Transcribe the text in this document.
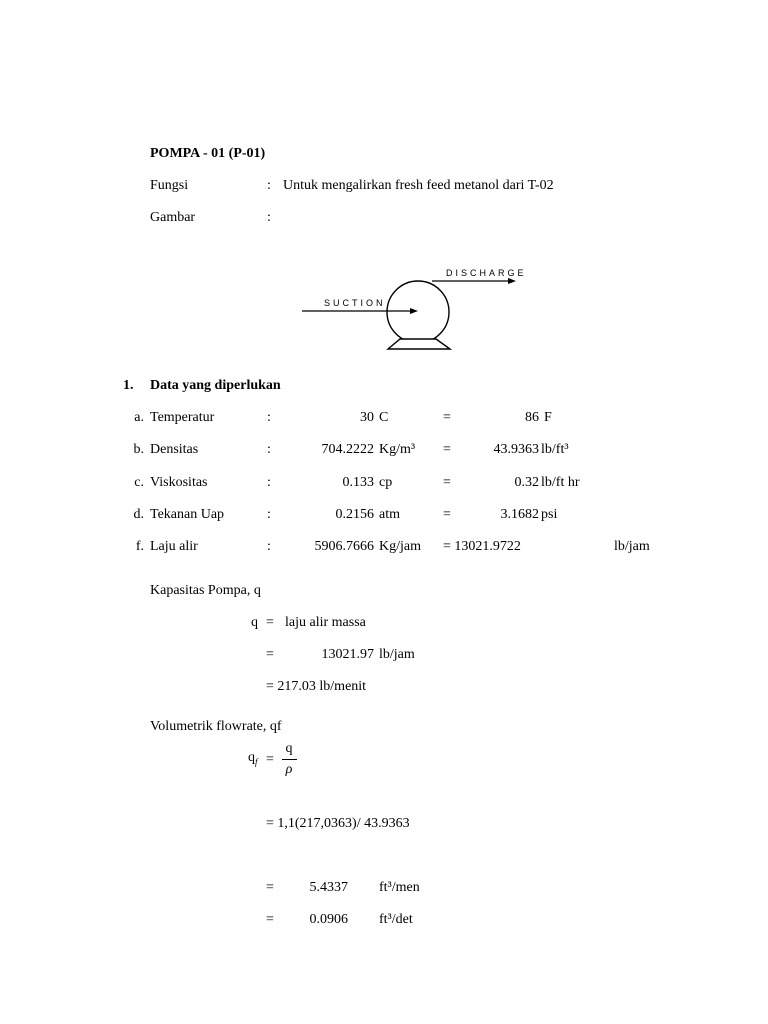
POMPA - 01 (P-01)
Fungsi	: Untuk mengalirkan fresh feed metanol dari T-02
Gambar	:
DISCHARGE
SUCTION
1. Data yang diperlukan
a. Temperatur	:	30 C	=	86 F
b. Densitas	:	704.2222 Kg/m³ =	43.9363 lb/ft³
c. Viskositas	:	0.133 cp	=	0.32 lb/ft hr
d. Tekanan Uap	:	0.2156 atm	=	3.1682 psi
f. Laju alir	:	5906.7666 Kg/jam = 13021.9722	lb/jam
Kapasitas Pompa, q
q = laju alir massa
=	13021.97 lb/jam
= 217.03 lb/menit
Volumetrik flowrate, qf
$q_f$ =
q
ρ
= 1,1(217,0363)/ 43.9363
=	5.4337 ft³/men
=	0.0906 ft³/det
